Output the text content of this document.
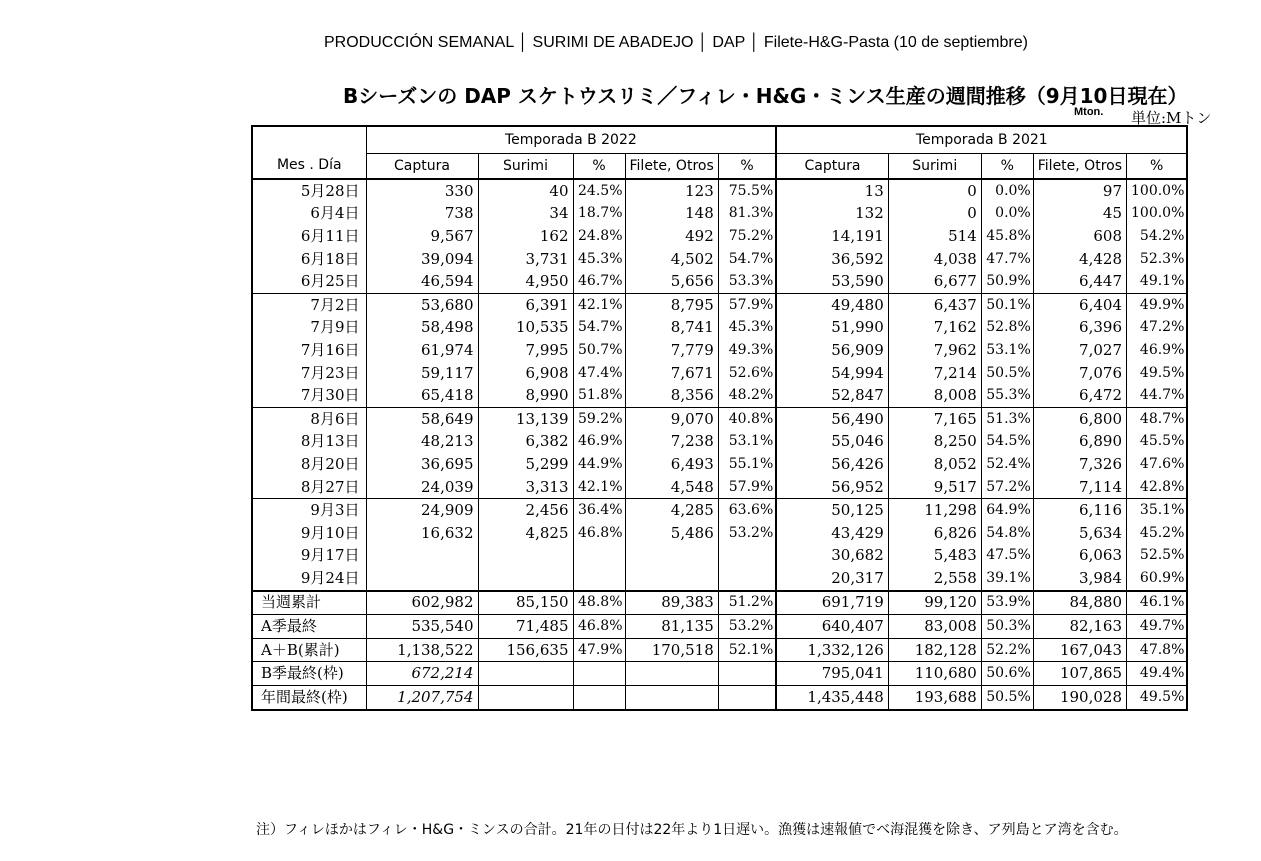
PRODUCCIÓN SEMANAL │ SURIMI DE ABADEJO │ DAP │ Filete-H&G-Pasta (10 de septiembre)
Bシーズンの DAP スケトウスリミ／フィレ・H&G・ミンス生産の週間推移（9月10日現在）
Mton. 単位:Mトン
	Temporada B 2022					Temporada B 2021				
Mes . Día	Captura	Surimi	%	Filete, Otros	%	Captura	Surimi	%	Filete, Otros	%
5月28日	330	40	24.5%	123	75.5%	13	0	0.0%	97	100.0%
6月4日	738	34	18.7%	148	81.3%	132	0	0.0%	45	100.0%
6月11日	9,567	162	24.8%	492	75.2%	14,191	514	45.8%	608	54.2%
6月18日	39,094	3,731	45.3%	4,502	54.7%	36,592	4,038	47.7%	4,428	52.3%
6月25日	46,594	4,950	46.7%	5,656	53.3%	53,590	6,677	50.9%	6,447	49.1%
7月2日	53,680	6,391	42.1%	8,795	57.9%	49,480	6,437	50.1%	6,404	49.9%
7月9日	58,498	10,535	54.7%	8,741	45.3%	51,990	7,162	52.8%	6,396	47.2%
7月16日	61,974	7,995	50.7%	7,779	49.3%	56,909	7,962	53.1%	7,027	46.9%
7月23日	59,117	6,908	47.4%	7,671	52.6%	54,994	7,214	50.5%	7,076	49.5%
7月30日	65,418	8,990	51.8%	8,356	48.2%	52,847	8,008	55.3%	6,472	44.7%
8月6日	58,649	13,139	59.2%	9,070	40.8%	56,490	7,165	51.3%	6,800	48.7%
8月13日	48,213	6,382	46.9%	7,238	53.1%	55,046	8,250	54.5%	6,890	45.5%
8月20日	36,695	5,299	44.9%	6,493	55.1%	56,426	8,052	52.4%	7,326	47.6%
8月27日	24,039	3,313	42.1%	4,548	57.9%	56,952	9,517	57.2%	7,114	42.8%
9月3日	24,909	2,456	36.4%	4,285	63.6%	50,125	11,298	64.9%	6,116	35.1%
9月10日	16,632	4,825	46.8%	5,486	53.2%	43,429	6,826	54.8%	5,634	45.2%
9月17日						30,682	5,483	47.5%	6,063	52.5%
9月24日						20,317	2,558	39.1%	3,984	60.9%
当週累計	602,982	85,150	48.8%	89,383	51.2%	691,719	99,120	53.9%	84,880	46.1%
A季最終	535,540	71,485	46.8%	81,135	53.2%	640,407	83,008	50.3%	82,163	49.7%
A＋B(累計)	1,138,522	156,635	47.9%	170,518	52.1%	1,332,126	182,128	52.2%	167,043	47.8%
B季最終(枠)	672,214					795,041	110,680	50.6%	107,865	49.4%
年間最終(枠)	1,207,754					1,435,448	193,688	50.5%	190,028	49.5%
注）フィレほかはフィレ・H&G・ミンスの合計。21年の日付は22年より1日遅い。漁獲は速報値でベ海混獲を除き、ア列島とア湾を含む。
